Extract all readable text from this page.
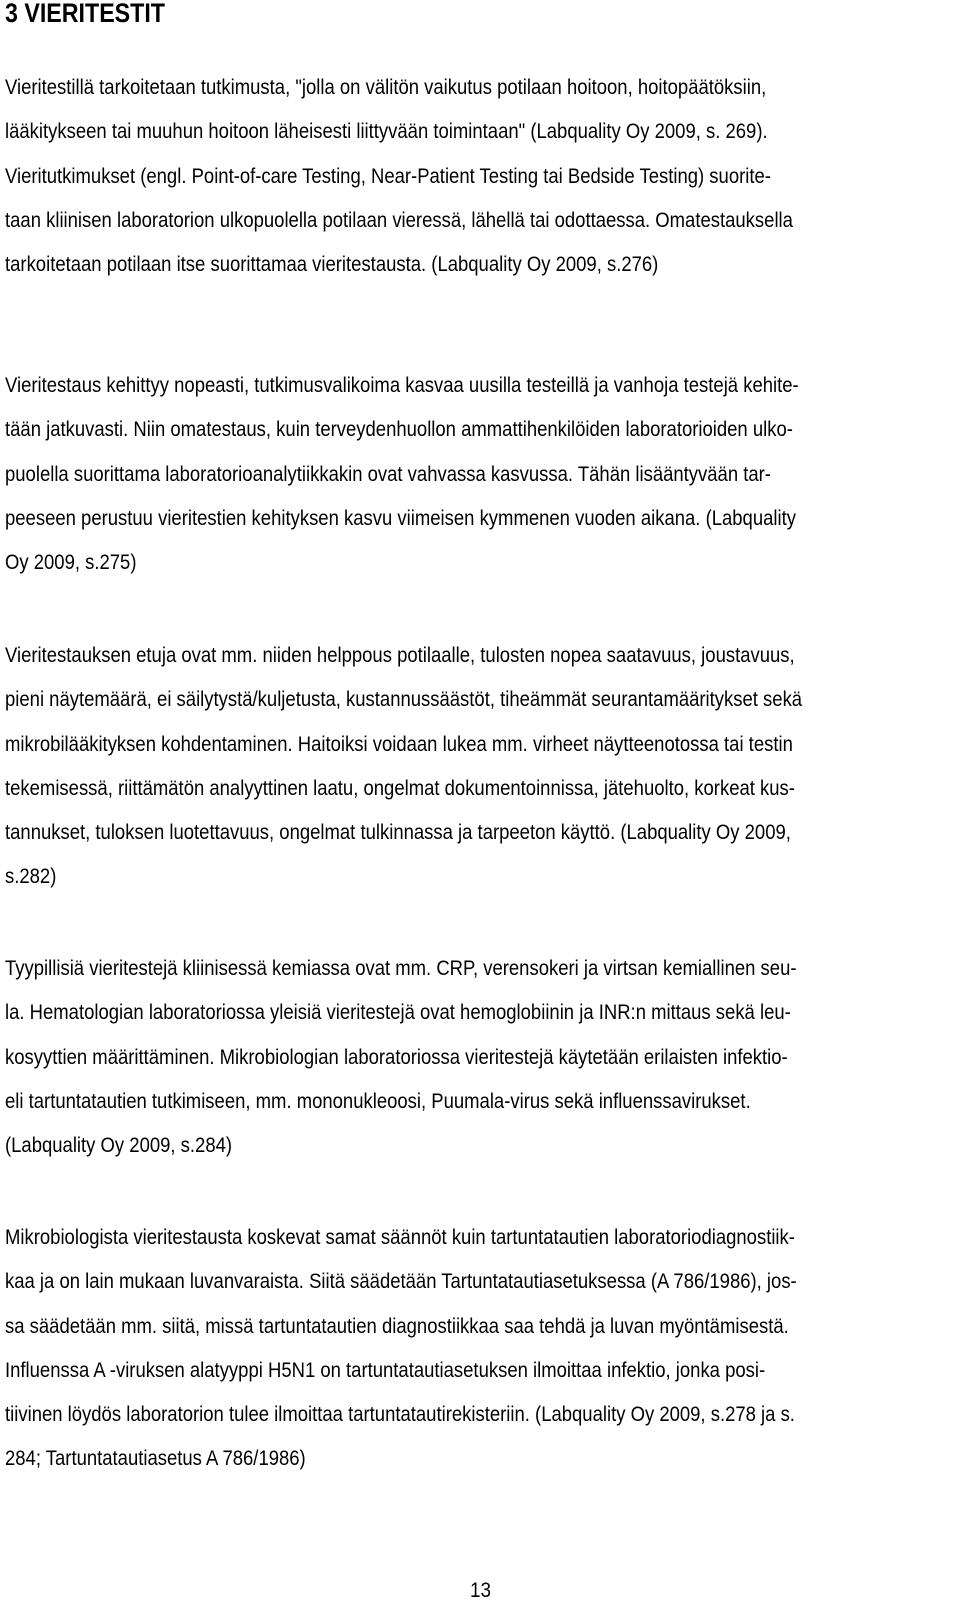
3 VIERITESTIT
Vieritestillä tarkoitetaan tutkimusta, "jolla on välitön vaikutus potilaan hoitoon, hoitopäätöksiin,
lääkitykseen tai muuhun hoitoon läheisesti liittyvään toimintaan" (Labquality Oy 2009, s. 269).
Vieritutkimukset (engl. Point-of-care Testing, Near-Patient Testing tai Bedside Testing) suorite-
taan kliinisen laboratorion ulkopuolella potilaan vieressä, lähellä tai odottaessa. Omatestauksella
tarkoitetaan potilaan itse suorittamaa vieritestausta. (Labquality Oy 2009, s.276)
Vieritestaus kehittyy nopeasti, tutkimusvalikoima kasvaa uusilla testeillä ja vanhoja testejä kehite-
tään jatkuvasti. Niin omatestaus, kuin terveydenhuollon ammattihenkilöiden laboratorioiden ulko-
puolella suorittama laboratorioanalytiikkakin ovat vahvassa kasvussa. Tähän lisääntyvään tar-
peeseen perustuu vieritestien kehityksen kasvu viimeisen kymmenen vuoden aikana. (Labquality
Oy 2009, s.275)
Vieritestauksen etuja ovat mm. niiden helppous potilaalle, tulosten nopea saatavuus, joustavuus,
pieni näytemäärä, ei säilytystä/kuljetusta, kustannussäästöt, tiheämmät seurantamääritykset sekä
mikrobilääkityksen kohdentaminen. Haitoiksi voidaan lukea mm. virheet näytteenotossa tai testin
tekemisessä, riittämätön analyyttinen laatu, ongelmat dokumentoinnissa, jätehuolto, korkeat kus-
tannukset, tuloksen luotettavuus, ongelmat tulkinnassa ja tarpeeton käyttö. (Labquality Oy 2009,
s.282)
Tyypillisiä vieritestejä kliinisessä kemiassa ovat mm. CRP, verensokeri ja virtsan kemiallinen seu-
la. Hematologian laboratoriossa yleisiä vieritestejä ovat hemoglobiinin ja INR:n mittaus sekä leu-
kosyyttien määrittäminen. Mikrobiologian laboratoriossa vieritestejä käytetään erilaisten infektio-
eli tartuntatautien tutkimiseen, mm. mononukleoosi, Puumala-virus sekä influenssavirukset.
(Labquality Oy 2009, s.284)
Mikrobiologista vieritestausta koskevat samat säännöt kuin tartuntatautien laboratoriodiagnostiik-
kaa ja on lain mukaan luvanvaraista. Siitä säädetään Tartuntatautiasetuksessa (A 786/1986), jos-
sa säädetään mm. siitä, missä tartuntatautien diagnostiikkaa saa tehdä ja luvan myöntämisestä.
Influenssa A -viruksen alatyyppi H5N1 on tartuntatautiasetuksen ilmoittaa infektio, jonka posi-
tiivinen löydös laboratorion tulee ilmoittaa tartuntatautirekisteriin. (Labquality Oy 2009, s.278 ja s.
284; Tartuntatautiasetus A 786/1986)
13
